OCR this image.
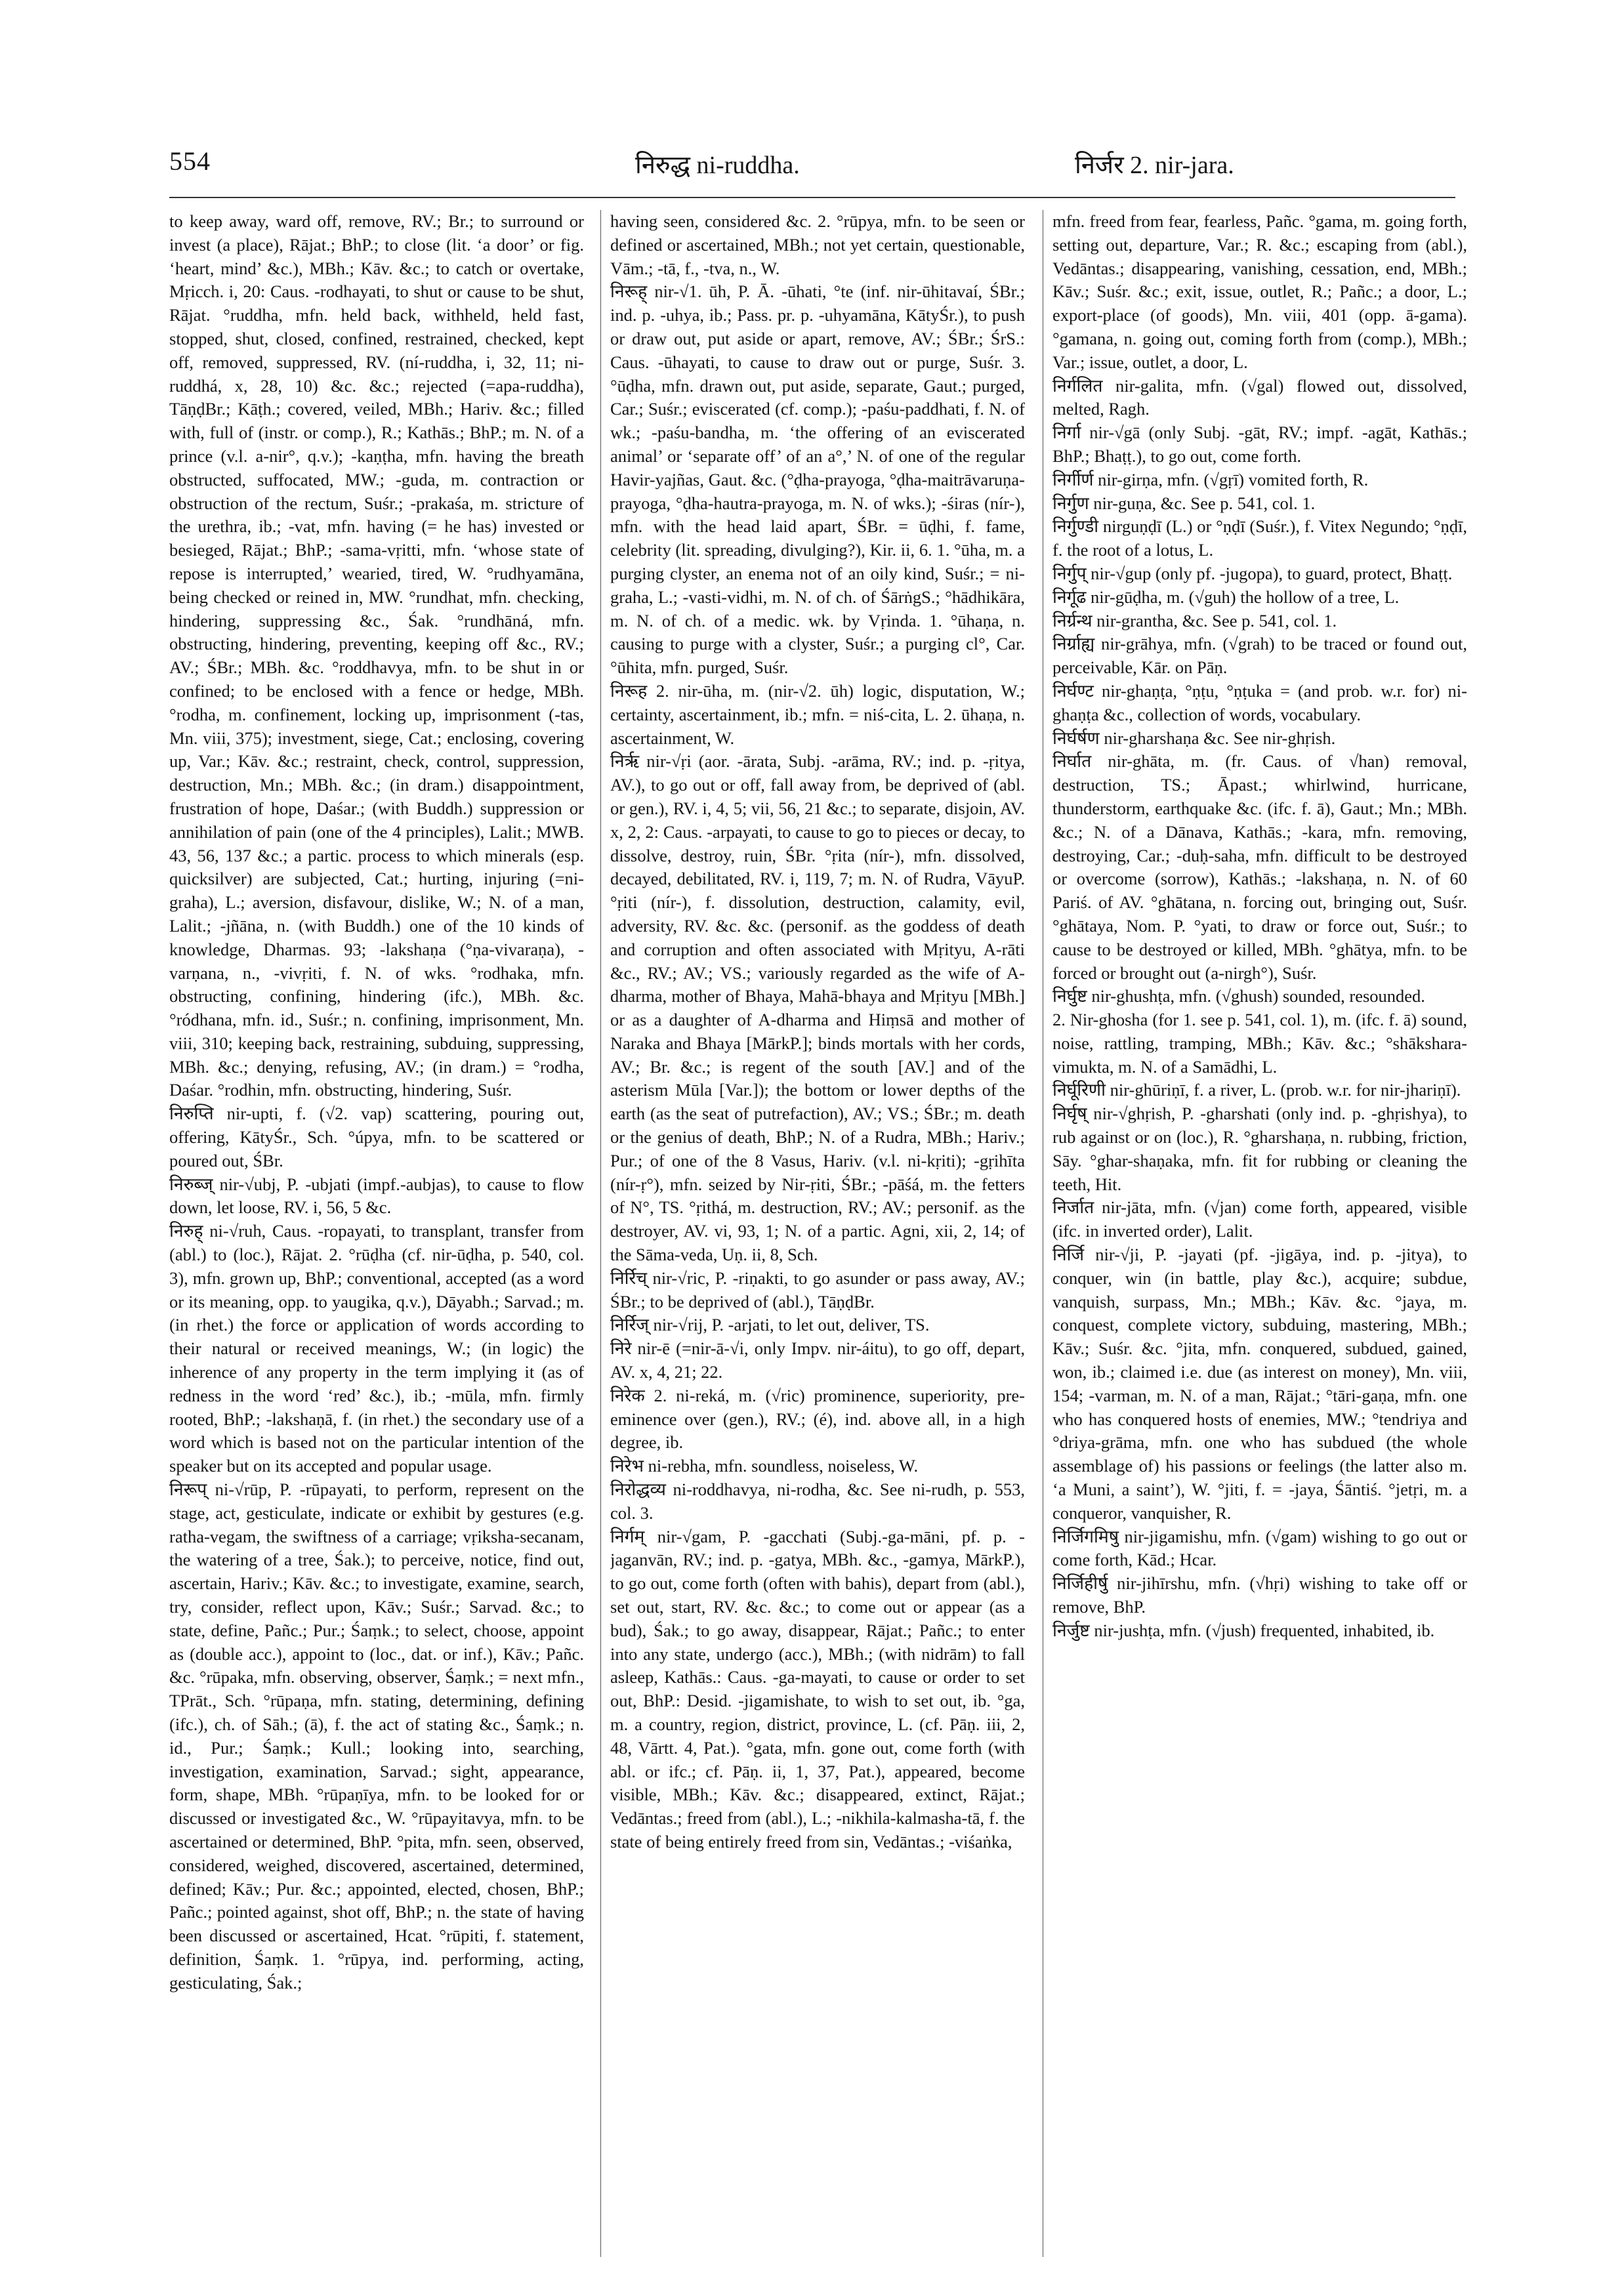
554	निरुद्ध ni-ruddha.	निर्जर 2. nir-jara.

to keep away, ward off, remove, RV.; Br.; to surround or invest (a place), Rājat.; BhP.; to close (lit. ‘a door’ or fig. ‘heart, mind’ &c.), MBh.; Kāv. &c.; to catch or overtake, Mṛicch. i, 20: Caus. -rodhayati, to shut or cause to be shut, Rājat. °ruddha, mfn. held back, withheld, held fast, stopped, shut, closed, confined, restrained, checked, kept off, removed, suppressed, RV. (ní-ruddha, i, 32, 11; ni-ruddhá, x, 28, 10) &c. &c.; rejected (=apa-ruddha), TāṇḍBr.; Kāṭh.; covered, veiled, MBh.; Hariv. &c.; filled with, full of (instr. or comp.), R.; Kathās.; BhP.; m. N. of a prince (v.l. a-nir°, q.v.); -kaṇṭha, mfn. having the breath obstructed, suffocated, MW.; -guda, m. contraction or obstruction of the rectum, Suśr.; -prakaśa, m. stricture of the urethra, ib.; -vat, mfn. having (= he has) invested or besieged, Rājat.; BhP.; -sama-vṛitti, mfn. ‘whose state of repose is interrupted,’ wearied, tired, W. °rudhyamāna, being checked or reined in, MW. °rundhat, mfn. checking, hindering, suppressing &c., Śak. °rundhāná, mfn. obstructing, hindering, preventing, keeping off &c., RV.; AV.; ŚBr.; MBh. &c. °roddhavya, mfn. to be shut in or confined; to be enclosed with a fence or hedge, MBh. °rodha, m. confinement, locking up, imprisonment (-tas, Mn. viii, 375); investment, siege, Cat.; enclosing, covering up, Var.; Kāv. &c.; restraint, check, control, suppression, destruction, Mn.; MBh. &c.; (in dram.) disappointment, frustration of hope, Daśar.; (with Buddh.) suppression or annihilation of pain (one of the 4 principles), Lalit.; MWB. 43, 56, 137 &c.; a partic. process to which minerals (esp. quicksilver) are subjected, Cat.; hurting, injuring (=ni-graha), L.; aversion, disfavour, dislike, W.; N. of a man, Lalit.; -jñāna, n. (with Buddh.) one of the 10 kinds of knowledge, Dharmas. 93; -lakshaṇa (°ṇa-vivaraṇa), -varṇana, n., -vivṛiti, f. N. of wks. °rodhaka, mfn. obstructing, confining, hindering (ifc.), MBh. &c. °ródhana, mfn. id., Suśr.; n. confining, imprisonment, Mn. viii, 310; keeping back, restraining, subduing, suppressing, MBh. &c.; denying, refusing, AV.; (in dram.) = °rodha, Daśar. °rodhin, mfn. obstructing, hindering, Suśr.

निरुप्ति nir-upti, f. (√2. vap) scattering, pouring out, offering, KātyŚr., Sch. °úpya, mfn. to be scattered or poured out, ŚBr.

निरुब्ज् nir-√ubj, P. -ubjati (impf.-aubjas), to cause to flow down, let loose, RV. i, 56, 5 &c.

निरुह् ni-√ruh, Caus. -ropayati, to transplant, transfer from (abl.) to (loc.), Rājat. 2. °rūḍha (cf. nir-ūḍha, p. 540, col. 3), mfn. grown up, BhP.; conventional, accepted (as a word or its meaning, opp. to yaugika, q.v.), Dāyabh.; Sarvad.; m. (in rhet.) the force or application of words according to their natural or received meanings, W.; (in logic) the inherence of any property in the term implying it (as of redness in the word ‘red’ &c.), ib.; -mūla, mfn. firmly rooted, BhP.; -lakshaṇā, f. (in rhet.) the secondary use of a word which is based not on the particular intention of the speaker but on its accepted and popular usage.

निरूप् ni-√rūp, P. -rūpayati, to perform, represent on the stage, act, gesticulate, indicate or exhibit by gestures (e.g. ratha-vegam, the swiftness of a carriage; vṛiksha-secanam, the watering of a tree, Śak.); to perceive, notice, find out, ascertain, Hariv.; Kāv. &c.; to investigate, examine, search, try, consider, reflect upon, Kāv.; Suśr.; Sarvad. &c.; to state, define, Pañc.; Pur.; Śaṃk.; to select, choose, appoint as (double acc.), appoint to (loc., dat. or inf.), Kāv.; Pañc. &c. °rūpaka, mfn. observing, observer, Śaṃk.; = next mfn., TPrāt., Sch. °rūpaṇa, mfn. stating, determining, defining (ifc.), ch. of Sāh.; (ā), f. the act of stating &c., Śaṃk.; n. id., Pur.; Śaṃk.; Kull.; looking into, searching, investigation, examination, Sarvad.; sight, appearance, form, shape, MBh. °rūpaṇīya, mfn. to be looked for or discussed or investigated &c., W. °rūpayitavya, mfn. to be ascertained or determined, BhP. °pita, mfn. seen, observed, considered, weighed, discovered, ascertained, determined, defined; Kāv.; Pur. &c.; appointed, elected, chosen, BhP.; Pañc.; pointed against, shot off, BhP.; n. the state of having been discussed or ascertained, Hcat. °rūpiti, f. statement, definition, Śaṃk. 1. °rūpya, ind. performing, acting, gesticulating, Śak.;

having seen, considered &c. 2. °rūpya, mfn. to be seen or defined or ascertained, MBh.; not yet certain, questionable, Vām.; -tā, f., -tva, n., W.

निरूह् nir-√1. ūh, P. Ā. -ūhati, °te (inf. nir-ūhitavaí, ŚBr.; ind. p. -uhya, ib.; Pass. pr. p. -uhyamāna, KātyŚr.), to push or draw out, put aside or apart, remove, AV.; ŚBr.; ŚrS.: Caus. -ūhayati, to cause to draw out or purge, Suśr. 3. °ūḍha, mfn. drawn out, put aside, separate, Gaut.; purged, Car.; Suśr.; eviscerated (cf. comp.); -paśu-paddhati, f. N. of wk.; -paśu-bandha, m. ‘the offering of an eviscerated animal’ or ‘separate off’ of an a°,’ N. of one of the regular Havir-yajñas, Gaut. &c. (°ḍha-prayoga, °ḍha-maitrāvaruṇa-prayoga, °ḍha-hautra-prayoga, m. N. of wks.); -śiras (nír-), mfn. with the head laid apart, ŚBr. = ūḍhi, f. fame, celebrity (lit. spreading, divulging?), Kir. ii, 6. 1. °ūha, m. a purging clyster, an enema not of an oily kind, Suśr.; = ni-graha, L.; -vasti-vidhi, m. N. of ch. of ŚārṅgS.; °hādhikāra, m. N. of ch. of a medic. wk. by Vṛinda. 1. °ūhaṇa, n. causing to purge with a clyster, Suśr.; a purging cl°, Car. °ūhita, mfn. purged, Suśr.

निरूह 2. nir-ūha, m. (nir-√2. ūh) logic, disputation, W.; certainty, ascertainment, ib.; mfn. = niś-cita, L. 2. ūhaṇa, n. ascertainment, W.

निरृ nir-√ṛi (aor. -ārata, Subj. -arāma, RV.; ind. p. -ṛitya, AV.), to go out or off, fall away from, be deprived of (abl. or gen.), RV. i, 4, 5; vii, 56, 21 &c.; to separate, disjoin, AV. x, 2, 2: Caus. -arpayati, to cause to go to pieces or decay, to dissolve, destroy, ruin, ŚBr. °ṛita (nír-), mfn. dissolved, decayed, debilitated, RV. i, 119, 7; m. N. of Rudra, VāyuP. °ṛiti (nír-), f. dissolution, destruction, calamity, evil, adversity, RV. &c. &c. (personif. as the goddess of death and corruption and often associated with Mṛityu, A-rāti &c., RV.; AV.; VS.; variously regarded as the wife of A-dharma, mother of Bhaya, Mahā-bhaya and Mṛityu [MBh.] or as a daughter of A-dharma and Hiṃsā and mother of Naraka and Bhaya [MārkP.]; binds mortals with her cords, AV.; Br. &c.; is regent of the south [AV.] and of the asterism Mūla [Var.]); the bottom or lower depths of the earth (as the seat of putrefaction), AV.; VS.; ŚBr.; m. death or the genius of death, BhP.; N. of a Rudra, MBh.; Hariv.; Pur.; of one of the 8 Vasus, Hariv. (v.l. ni-kṛiti); -gṛihīta (nír-ṛ°), mfn. seized by Nir-ṛiti, ŚBr.; -pāśá, m. the fetters of N°, TS. °ṛithá, m. destruction, RV.; AV.; personif. as the destroyer, AV. vi, 93, 1; N. of a partic. Agni, xii, 2, 14; of the Sāma-veda, Uṇ. ii, 8, Sch.

निर्रिच् nir-√ric, P. -riṇakti, to go asunder or pass away, AV.; ŚBr.; to be deprived of (abl.), TāṇḍBr.

निर्रिज् nir-√rij, P. -arjati, to let out, deliver, TS.

निरे nir-ē (=nir-ā-√i, only Impv. nir-áitu), to go off, depart, AV. x, 4, 21; 22.

निरेक 2. ni-reká, m. (√ric) prominence, superiority, pre-eminence over (gen.), RV.; (é), ind. above all, in a high degree, ib.

निरेभ ni-rebha, mfn. soundless, noiseless, W.

निरोद्धव्य ni-roddhavya, ni-rodha, &c. See ni-rudh, p. 553, col. 3.

निर्गम् nir-√gam, P. -gacchati (Subj.-ga-māni, pf. p. -jaganvān, RV.; ind. p. -gatya, MBh. &c., -gamya, MārkP.), to go out, come forth (often with bahis), depart from (abl.), set out, start, RV. &c. &c.; to come out or appear (as a bud), Śak.; to go away, disappear, Rājat.; Pañc.; to enter into any state, undergo (acc.), MBh.; (with nidrām) to fall asleep, Kathās.: Caus. -ga-mayati, to cause or order to set out, BhP.: Desid. -jigamishate, to wish to set out, ib. °ga, m. a country, region, district, province, L. (cf. Pāṇ. iii, 2, 48, Vārtt. 4, Pat.). °gata, mfn. gone out, come forth (with abl. or ifc.; cf. Pāṇ. ii, 1, 37, Pat.), appeared, become visible, MBh.; Kāv. &c.; disappeared, extinct, Rājat.; Vedāntas.; freed from (abl.), L.; -nikhila-kalmasha-tā, f. the state of being entirely freed from sin, Vedāntas.; -viśaṅka,

mfn. freed from fear, fearless, Pañc. °gama, m. going forth, setting out, departure, Var.; R. &c.; escaping from (abl.), Vedāntas.; disappearing, vanishing, cessation, end, MBh.; Kāv.; Suśr. &c.; exit, issue, outlet, R.; Pañc.; a door, L.; export-place (of goods), Mn. viii, 401 (opp. ā-gama). °gamana, n. going out, coming forth from (comp.), MBh.; Var.; issue, outlet, a door, L.

निर्गलित nir-galita, mfn. (√gal) flowed out, dissolved, melted, Ragh.

निर्गा nir-√gā (only Subj. -gāt, RV.; impf. -agāt, Kathās.; BhP.; Bhaṭṭ.), to go out, come forth.

निर्गीर्ण nir-girṇa, mfn. (√gṛī) vomited forth, R.

निर्गुण nir-guṇa, &c. See p. 541, col. 1.

निर्गुण्डी nirguṇḍī (L.) or °ṇḍī (Suśr.), f. Vitex Negundo; °ṇḍī, f. the root of a lotus, L.

निर्गुप् nir-√gup (only pf. -jugopa), to guard, protect, Bhaṭṭ.

निर्गूढ nir-gūḍha, m. (√guh) the hollow of a tree, L.

निर्ग्रन्थ nir-grantha, &c. See p. 541, col. 1.

निर्ग्राह्य nir-grāhya, mfn. (√grah) to be traced or found out, perceivable, Kār. on Pāṇ.

निर्घण्ट nir-ghaṇṭa, °ṇṭu, °ṇṭuka = (and prob. w.r. for) ni-ghaṇṭa &c., collection of words, vocabulary.

निर्घर्षण nir-gharshaṇa &c. See nir-ghṛish.

निर्घात nir-ghāta, m. (fr. Caus. of √han) removal, destruction, TS.; Āpast.; whirlwind, hurricane, thunderstorm, earthquake &c. (ifc. f. ā), Gaut.; Mn.; MBh. &c.; N. of a Dānava, Kathās.; -kara, mfn. removing, destroying, Car.; -duḥ-saha, mfn. difficult to be destroyed or overcome (sorrow), Kathās.; -lakshaṇa, n. N. of 60 Pariś. of AV. °ghātana, n. forcing out, bringing out, Suśr. °ghātaya, Nom. P. °yati, to draw or force out, Suśr.; to cause to be destroyed or killed, MBh. °ghātya, mfn. to be forced or brought out (a-nirgh°), Suśr.

निर्घुष्ट nir-ghushṭa, mfn. (√ghush) sounded, resounded.

2. Nir-ghosha (for 1. see p. 541, col. 1), m. (ifc. f. ā) sound, noise, rattling, tramping, MBh.; Kāv. &c.; °shākshara-vimukta, m. N. of a Samādhi, L.

निर्घूरिणी nir-ghūriṇī, f. a river, L. (prob. w.r. for nir-jhariṇī).

निर्घृष् nir-√ghṛish, P. -gharshati (only ind. p. -ghṛishya), to rub against or on (loc.), R. °gharshaṇa, n. rubbing, friction, Sāy. °ghar-shaṇaka, mfn. fit for rubbing or cleaning the teeth, Hit.

निर्जात nir-jāta, mfn. (√jan) come forth, appeared, visible (ifc. in inverted order), Lalit.

निर्जि nir-√ji, P. -jayati (pf. -jigāya, ind. p. -jitya), to conquer, win (in battle, play &c.), acquire; subdue, vanquish, surpass, Mn.; MBh.; Kāv. &c. °jaya, m. conquest, complete victory, subduing, mastering, MBh.; Kāv.; Suśr. &c. °jita, mfn. conquered, subdued, gained, won, ib.; claimed i.e. due (as interest on money), Mn. viii, 154; -varman, m. N. of a man, Rājat.; °tāri-gaṇa, mfn. one who has conquered hosts of enemies, MW.; °tendriya and °driya-grāma, mfn. one who has subdued (the whole assemblage of) his passions or feelings (the latter also m. ‘a Muni, a saint’), W. °jiti, f. = -jaya, Śāntiś. °jetṛi, m. a conqueror, vanquisher, R.

निर्जिगमिषु nir-jigamishu, mfn. (√gam) wishing to go out or come forth, Kād.; Hcar.

निर्जिहीर्षु nir-jihīrshu, mfn. (√hṛi) wishing to take off or remove, BhP.

निर्जुष्ट nir-jushṭa, mfn. (√jush) frequented, inhabited, ib.
